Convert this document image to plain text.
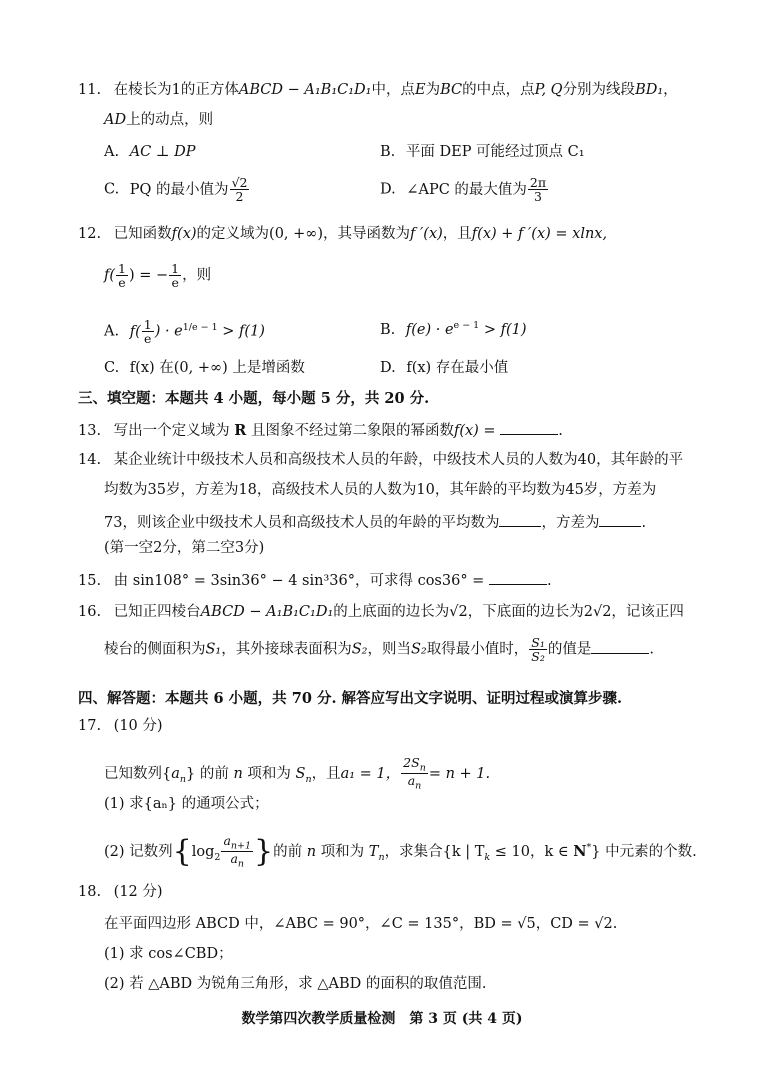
11. 在棱长为1的正方体ABCD − A₁B₁C₁D₁中，点E为BC的中点，点P, Q分别为线段BD₁，
AD上的动点，则
A. AC ⊥ DP	B. 平面 DEP 可能经过顶点 C₁
C. PQ 的最小值为 $\frac{√2}{2}$	D. ∠APC 的最大值为 $\frac{2\pi}{3}$
12. 已知函数f(x)的定义域为(0, +∞)，其导函数为f ′(x)，且f(x) + f ′(x) = xlnx,
$f( \frac{1}{e}$ ) = − $\frac{1}{e}$ ，则
A. $f( \frac{1}{e}$ ) · $e^{1/e - 1} > f(1)$	B. $f(e) \cdot e^{e - 1} > f(1)$
C. f(x) 在(0, +∞) 上是增函数	D. f(x) 存在最小值
三、填空题：本题共 4 小题，每小题 5 分，共 20 分.
13. 写出一个定义域为 R 且图象不经过第二象限的幂函数f(x) =	.
14. 某企业统计中级技术人员和高级技术人员的年龄，中级技术人员的人数为40，其年龄的平
均数为35岁，方差为18，高级技术人员的人数为10，其年龄的平均数为45岁，方差为
73，则该企业中级技术人员和高级技术人员的年龄的平均数为	，方差为	.
(第一空2分，第二空3分)
15. 由 sin108° = 3sin36° − 4 sin³36°，可求得 cos36° =	.
16. 已知正四棱台ABCD − A₁B₁C₁D₁的上底面的边长为√2，下底面的边长为2√2，记该正四
棱台的侧面积为S₁，其外接球表面积为S₂，则当S₂取得最小值时， $\frac{\text{S₁}}{\text{S₂}}$ 的值是	.
四、解答题：本题共 6 小题，共 70 分. 解答应写出文字说明、证明过程或演算步骤.
17. (10 分)
已知数列$\{a_n\}$ 的前 n 项和为 $S_n$，且a₁ = 1， $\frac{2S_n}{a_n} = n + 1$.
(1) 求{aₙ} 的通项公式；
(2) 记数列{$\log_2 \frac{a_{n+1}}{a_n}$ }的前 n 项和为 $T_n$，求集合{k | $T_k \le 10$，k ∈ N*} 中元素的个数.
18. (12 分)
在平面四边形 ABCD 中，∠ABC = 90°，∠C = 135°，BD = √5，CD = √2.
(1) 求 cos∠CBD；
(2) 若 △ABD 为锐角三角形，求 △ABD 的面积的取值范围.
数学第四次教学质量检测　第 3 页 (共 4 页)
